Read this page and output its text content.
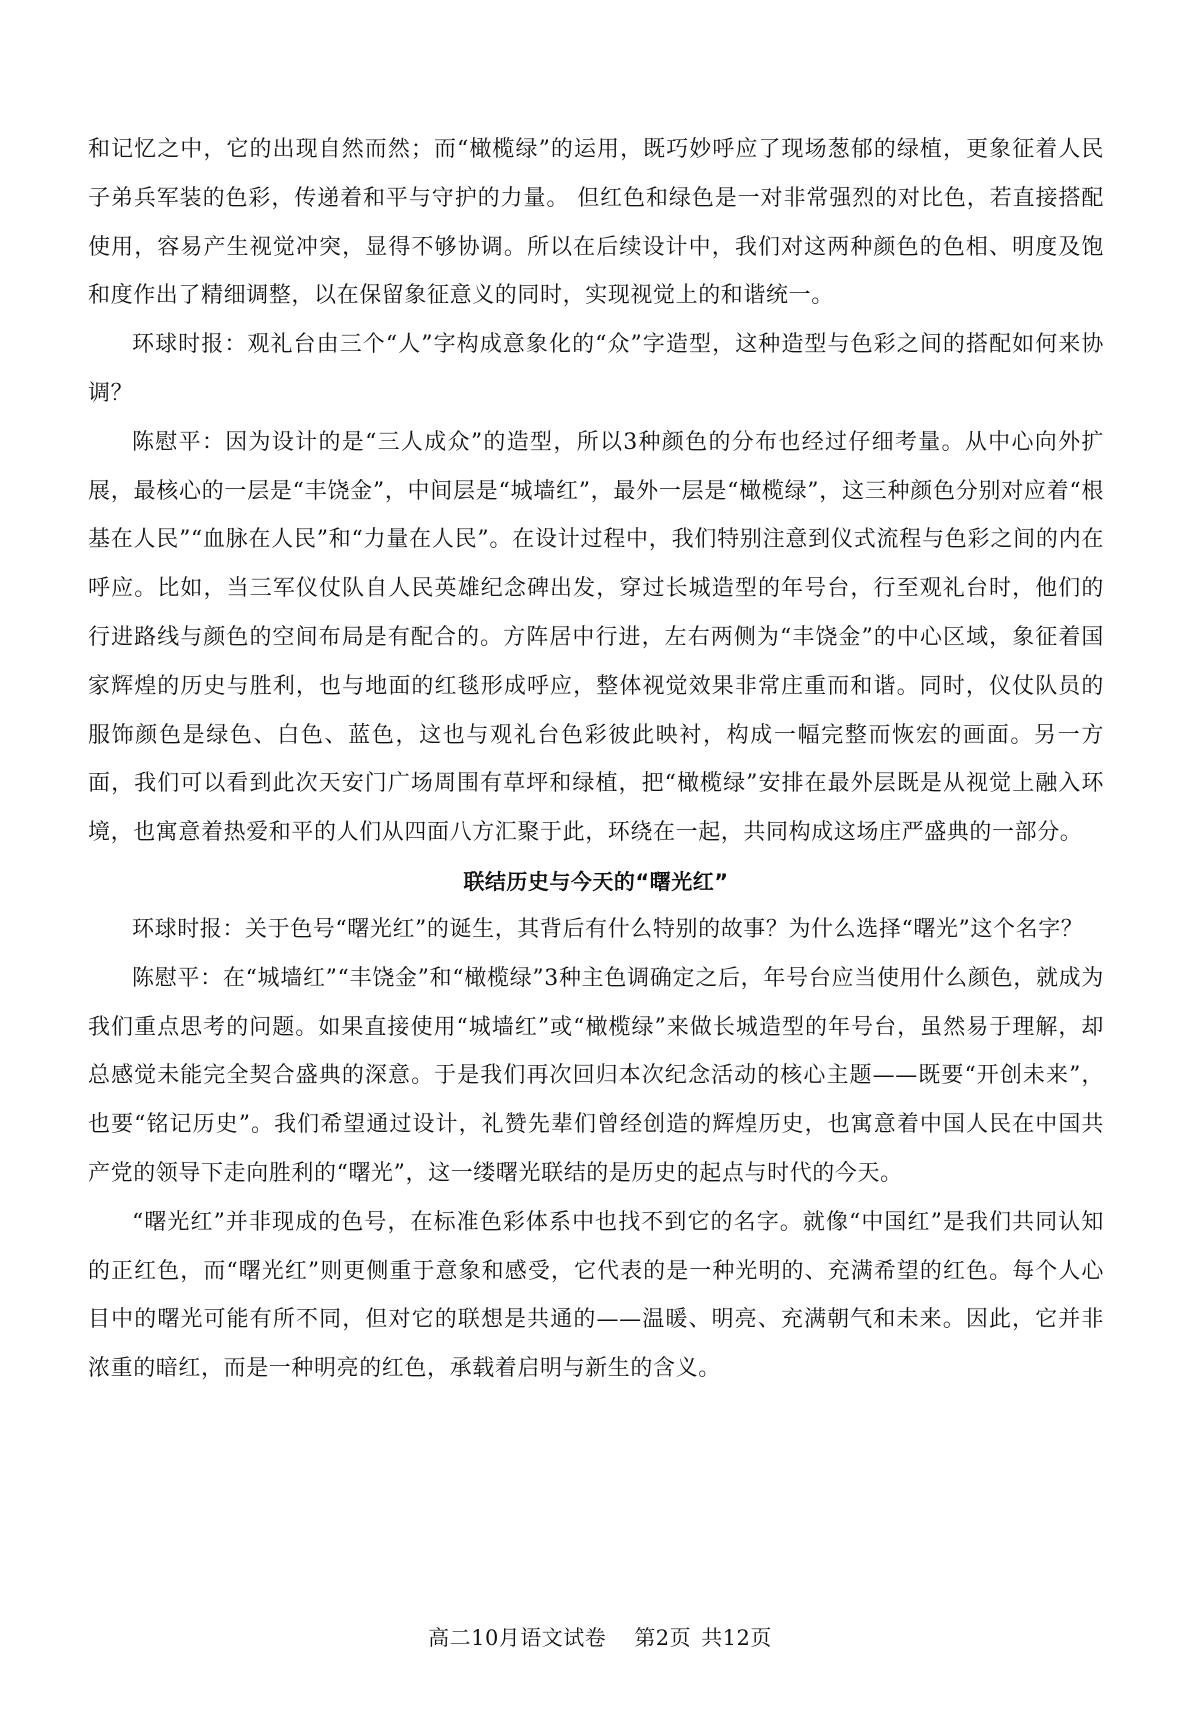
和记忆之中，它的出现自然而然；而“橄榄绿”的运用，既巧妙呼应了现场葱郁的绿植，更象征着人民子弟兵军装的色彩，传递着和平与守护的力量。 但红色和绿色是一对非常强烈的对比色，若直接搭配使用，容易产生视觉冲突，显得不够协调。所以在后续设计中，我们对这两种颜色的色相、明度及饱和度作出了精细调整，以在保留象征意义的同时，实现视觉上的和谐统一。

环球时报：观礼台由三个“人”字构成意象化的“众”字造型，这种造型与色彩之间的搭配如何来协调？

陈慰平：因为设计的是“三人成众”的造型，所以3种颜色的分布也经过仔细考量。从中心向外扩展，最核心的一层是“丰饶金”，中间层是“城墙红”，最外一层是“橄榄绿”，这三种颜色分别对应着“根基在人民”“血脉在人民”和“力量在人民”。在设计过程中，我们特别注意到仪式流程与色彩之间的内在呼应。比如，当三军仪仗队自人民英雄纪念碑出发，穿过长城造型的年号台，行至观礼台时，他们的行进路线与颜色的空间布局是有配合的。方阵居中行进，左右两侧为“丰饶金”的中心区域，象征着国家辉煌的历史与胜利，也与地面的红毯形成呼应，整体视觉效果非常庄重而和谐。同时，仪仗队员的服饰颜色是绿色、白色、蓝色，这也与观礼台色彩彼此映衬，构成一幅完整而恢宏的画面。另一方面，我们可以看到此次天安门广场周围有草坪和绿植，把“橄榄绿”安排在最外层既是从视觉上融入环境，也寓意着热爱和平的人们从四面八方汇聚于此，环绕在一起，共同构成这场庄严盛典的一部分。

联结历史与今天的“曙光红”

环球时报：关于色号“曙光红”的诞生，其背后有什么特别的故事？为什么选择“曙光”这个名字？

陈慰平：在“城墙红”“丰饶金”和“橄榄绿”3种主色调确定之后，年号台应当使用什么颜色，就成为我们重点思考的问题。如果直接使用“城墙红”或“橄榄绿”来做长城造型的年号台，虽然易于理解，却总感觉未能完全契合盛典的深意。于是我们再次回归本次纪念活动的核心主题——既要“开创未来”，也要“铭记历史”。我们希望通过设计，礼赞先辈们曾经创造的辉煌历史，也寓意着中国人民在中国共产党的领导下走向胜利的“曙光”，这一缕曙光联结的是历史的起点与时代的今天。

“曙光红”并非现成的色号，在标准色彩体系中也找不到它的名字。就像“中国红”是我们共同认知的正红色，而“曙光红”则更侧重于意象和感受，它代表的是一种光明的、充满希望的红色。每个人心目中的曙光可能有所不同，但对它的联想是共通的——温暖、明亮、充满朝气和未来。因此，它并非浓重的暗红，而是一种明亮的红色，承载着启明与新生的含义。

高二10月语文试卷 第2页 共12页
